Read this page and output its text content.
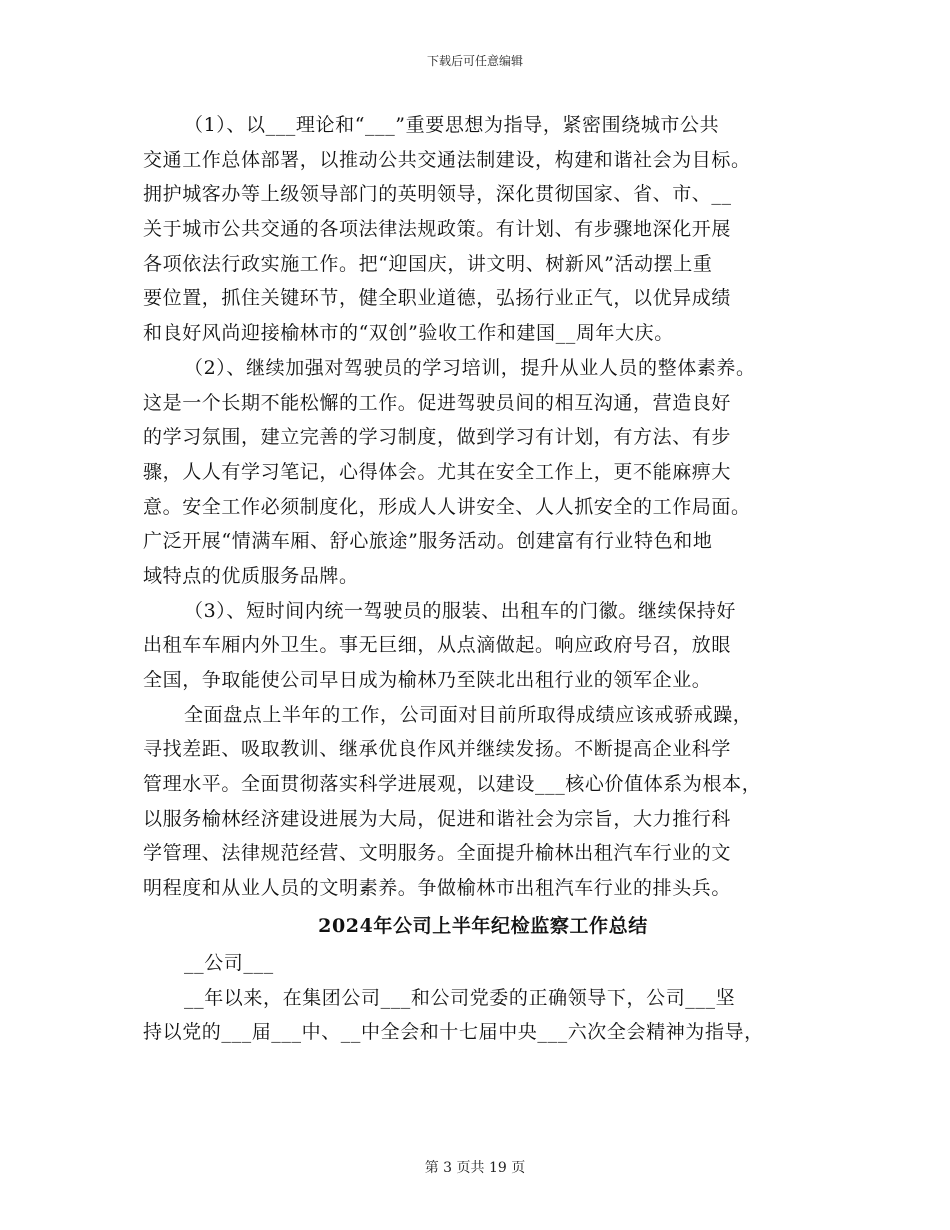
下载后可任意编辑
（1）、以___理论和“___”重要思想为指导，紧密围绕城市公共
交通工作总体部署，以推动公共交通法制建设，构建和谐社会为目标。
拥护城客办等上级领导部门的英明领导，深化贯彻国家、省、市、__
关于城市公共交通的各项法律法规政策。有计划、有步骤地深化开展
各项依法行政实施工作。把“迎国庆，讲文明、树新风”活动摆上重
要位置，抓住关键环节，健全职业道德，弘扬行业正气，以优异成绩
和良好风尚迎接榆林市的“双创”验收工作和建国__周年大庆。
（2）、继续加强对驾驶员的学习培训，提升从业人员的整体素养。
这是一个长期不能松懈的工作。促进驾驶员间的相互沟通，营造良好
的学习氛围，建立完善的学习制度，做到学习有计划，有方法、有步
骤，人人有学习笔记，心得体会。尤其在安全工作上，更不能麻痹大
意。安全工作必须制度化，形成人人讲安全、人人抓安全的工作局面。
广泛开展“情满车厢、舒心旅途”服务活动。创建富有行业特色和地
域特点的优质服务品牌。
（3）、短时间内统一驾驶员的服装、出租车的门徽。继续保持好
出租车车厢内外卫生。事无巨细，从点滴做起。响应政府号召，放眼
全国，争取能使公司早日成为榆林乃至陕北出租行业的领军企业。
全面盘点上半年的工作，公司面对目前所取得成绩应该戒骄戒躁，
寻找差距、吸取教训、继承优良作风并继续发扬。不断提高企业科学
管理水平。全面贯彻落实科学进展观，以建设___核心价值体系为根本，
以服务榆林经济建设进展为大局，促进和谐社会为宗旨，大力推行科
学管理、法律规范经营、文明服务。全面提升榆林出租汽车行业的文
明程度和从业人员的文明素养。争做榆林市出租汽车行业的排头兵。
2024年公司上半年纪检监察工作总结
__公司___
__年以来，在集团公司___和公司党委的正确领导下，公司___坚
持以党的___届___中、__中全会和十七届中央___六次全会精神为指导，
第 3 页共 19 页
